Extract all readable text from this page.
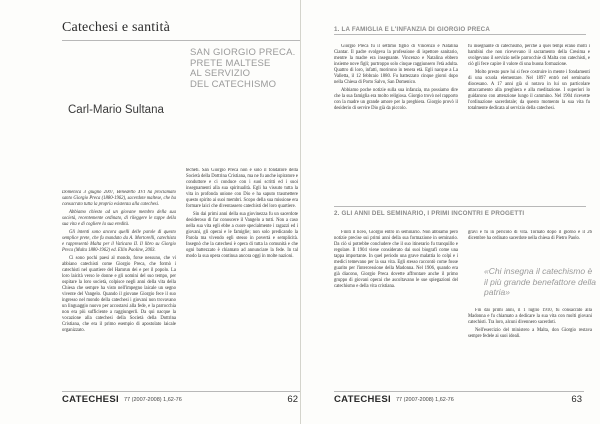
Catechesi e santità
SAN GIORGIO PRECA.
PRETE MALTESE
AL SERVIZIO
DEL CATECHISMO
Carl-Mario Sultana

Domenica 3 giugno 2007, Benedetto XVI ha proclamato santo Giorgio Preca (1880-1962), sacerdote maltese, che ha consacrato tutta la propria esistenza alla catechesi.

Abbiamo chiesto ad un giovane membro della sua società, recentemente ordinato, di rileggere le tappe della sua vita e di cogliere la sua eredità.

Gli intenti sono ancora quelli delle parole di questo semplice prete, che fu mandato da A. Mortorelli, catechista e rappresentò Malta per il Vaticano II. Il libro su Giorgio Preca (Malta 1880-1962) ed. Ellin Paoline, 2003.

Ci sono pochi paesi al mondo, forse nessuno, che vi abbiano catechisti come Giorgio Preca, che formò i catechisti nel quartiere del Hamrun dei e per il popolo. La loro laicità verso le donne e gli uomini del suo tempo, per ospitare la loro società, colpisce negli anni della vita della Chiesa che sempre ha visto nell'impegno laicale un segno vivente del Vangelo. Quando il giovane Giorgio fece il suo ingresso nel mondo della catechesi i giovani non trovavano un linguaggio nuovo per accostarsi alla fede, e la parrocchia non era più sufficiente a raggiungerli. Da qui nacque la vocazione alla catechesi della Società della Dottrina Cristiana, che era il primo esempio di apostolato laicale organizzato.

techeti. San Giorgio Preca non è solo il fondatore della Società della Dottrina Cristiana, ma ne fu anche ispiratore e conduttore e ci conduce con i suoi scritti ed i suoi insegnamenti alla sua spiritualità. Egli ha vissuto tutta la vita in profonda unione con Dio e ha saputo trasmettere questo spirito ai suoi membri. Scopo della sua missione era formare laici che diventassero catechisti del loro quartiere.

Sin dai primi anni della sua giovinezza fu un sacerdote desideroso di far conoscere il Vangelo a tutti. Non a caso nella sua vita egli ebbe a cuore specialmente i ragazzi ed i giovani, gli operai e le famiglie; non solo predicando la Parola ma vivendo egli stesso in povertà e semplicità. Insegnò che la catechesi è opera di tutta la comunità e che ogni battezzato è chiamato ad annunciare la fede. In tal modo la sua opera continua ancora oggi in molte nazioni.

CATECHESI 77 (2007-2008) 1,62-76	62
1. LA FAMIGLIA E L'INFANZIA DI GIORGIO PRECA

Giorgio Preca fu il settimo figlio di Vincenzo e Natalina Ciantar. Il padre svolgeva la professione di ispettore sanitario, mentre la madre era insegnante. Vincenzo e Natalina ebbero insieme nove figli; purtroppo solo cinque raggiunsero l'età adulta. Quattro di loro, infatti, morirono in tenera età. Egli nacque a La Valletta, il 12 febbraio 1880. Fu battezzato cinque giorni dopo nella Chiesa di Porto Salvo, San Domenico.

Abbiamo poche notizie sulla sua infanzia, ma possiamo dire che la sua famiglia era molto religiosa. Giorgio trovò nel rapporto con la madre un grande amore per la preghiera. Giorgio provò il desiderio di servire Dio già da piccolo.

fu insegnante di catechismo, perché a quei tempi erano molti i bambini che non ricevevano il sacramento della Cresima e svolgevano il servizio nelle parrocchie di Malta con catechisti, e ciò gli fece capire il valore di una buona formazione.

Molto presto pure lui si fece costruire in mente i fondamenti di una scuola elementare. Nel 1897 entrò nel seminario diocesano. A 17 anni già si notava in lui un particolare attaccamento alla preghiera e alla meditazione. I superiori lo guidarono con attenzione lungo il cammino. Nel 1904 ricevette l'ordinazione sacerdotale; da questo momento la sua vita fu totalmente dedicata al servizio della catechesi.

2. GLI ANNI DEL SEMINARIO, I PRIMI INCONTRI E PROGETTI

Finiti il liceo, Giorgio entrò in seminario. Non abbiamo però notizie precise sui primi anni della sua formazione in seminario. Da ciò si potrebbe concludere che il suo itinerario fu tranquillo e regolare. Il 1904 viene considerato dai suoi biografi come una tappa importante. In quel periodo una grave malattia lo colpì e i medici temevano per la sua vita. Egli stesso raccontò come fosse guarito per l'intercessione della Madonna. Nel 1906, quando era già diacono, Giorgio Preca dovette affrontare anche il primo gruppo di giovani operai che ascoltavano le sue spiegazioni del catechismo e della vita cristiana.

gravi e fu in pericolo di vita. Tornato dopo il giorno e il 26 dicembre ha ordinato sacerdote nella chiesa di Pietro Paolo.

«Chi insegna il catechismo è il più grande benefattore della patria»

Fin dai primi anni, il 1 luglio 1910, fu consacrato alla Madonna e fu chiamato a dedicare la sua vita con molti giovani catechisti. Tra loro, alcuni divennero sacerdoti.

Nell'esercizio del ministero a Malta, don Giorgio restava sempre fedele ai suoi ideali.

CATECHESI 77 (2007-2008) 1,62-76	63
